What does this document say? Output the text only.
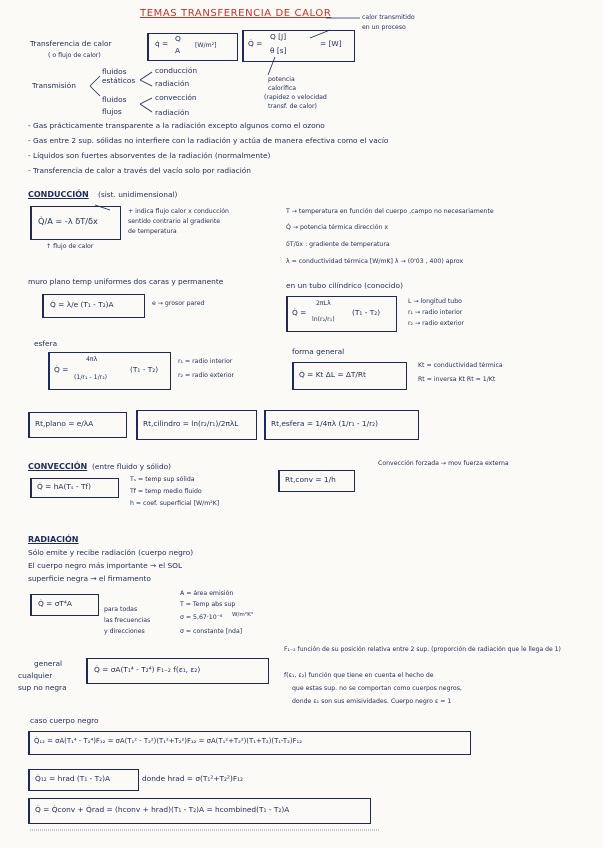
TEMAS TRANSFERENCIA DE CALOR
Transferencia de calor
( o flujo de calor)
q̇ =
Q
A
[W/m²]	Q̇ =
Q [J]
θ [s]
= [W]
calor transmitido
en un proceso
potencia
calorífica
(rapidez o velocidad
transf. de calor)
Transmisión
fluidos
estáticos
conducción
radiación
fluidos
flujos
convección
radiación
- Gas prácticamente transparente a la radiación excepto algunos como el ozono
- Gas entre 2 sup. sólidas no interfiere con la radiación y actúa de manera efectiva como el vacío
- Líquidos son fuertes absorventes de la radiación (normalmente)
- Transferencia de calor a través del vacío solo por radiación
CONDUCCIÓN (sist. unidimensional)
Q̇/A = -λ δT/δx
+ indica flujo calor x conducción
sentido contrario al gradiente
de temperatura
↑ flujo de calor
T → temperatura en función del cuerpo ,campo no necesariamente
Q̇ → potencia térmica dirección x
δT/δx : gradiente de temperatura
λ = conductividad térmica [W/mK] λ → (0'03 , 400) aprox
muro plano temp uniformes dos caras y permanente
Q̇ = λ/e (T₁ - T₂)A	e → grosor pared
en un tubo cilíndrico (conocido)
Q̇ =
2πLλ
ln(r₂/r₁)
(T₁ - T₂)
L → longitud tubo
r₁ → radio interior
r₂ → radio exterior
esfera
Q̇ =
4πλ
(1/r₁ - 1/r₂)
(T₁ - T₂)
r₁ = radio interior
r₂ = radio exterior
forma general
Q̇ = Kt ΔL = ΔT/Rt
Kt = conductividad térmica
Rt = inversa Kt Rt = 1/Kt
Rt,plano = e/λA	Rt,cilindro = ln(r₂/r₁)/2πλL	Rt,esfera = 1/4πλ (1/r₁ - 1/r₂)
CONVECCIÓN (entre fluido y sólido)
Q̇ = hA(Tₛ - Tf)
Tₛ = temp sup sólida
Tf = temp medio fluido
h = coef. superficial [W/m²K]
Rt,conv = 1/h
Convección forzada → mov fuerza externa
RADIACIÓN
Sólo emite y recibe radiación (cuerpo negro)
El cuerpo negro más importante → el SOL
superficie negra → el firmamento
Q̇ = σT⁴A
para todas
las frecuencias
y direcciones
A = área emisión
T = Temp abs sup
σ = 5,67·10⁻⁸ W/m²K⁴
σ = constante [nda]
general
cualquier
sup no negra
Q̇ = σA(T₁⁴ - T₂⁴) F₁₋₂ f(ε₁, ε₂)
F₁₋₂ función de su posición relativa entre 2 sup. (proporción de radiación que le llega de 1)
f(ε₁, ε₂) función que tiene en cuenta el hecho de
que estas sup. no se comportan como cuerpos negros,
donde ε₁ son sus emisividades. Cuerpo negro ε = 1
caso cuerpo negro
Q̇₁₂ = σA(T₁⁴ - T₂⁴)F₁₂ = σA(T₁² - T₂²)(T₁²+T₂²)F₁₂ = σA(T₁²+T₂²)(T₁+T₂)(T₁-T₂)F₁₂
Q̇₁₂ = hrad (T₁ - T₂)A	donde hrad = σ(T₁²+T₂²)F₁₂
Q̇ = Q̇conv + Q̇rad = (hconv + hrad)(T₁ - T₂)A = hcombined(T₁ - T₂)A
